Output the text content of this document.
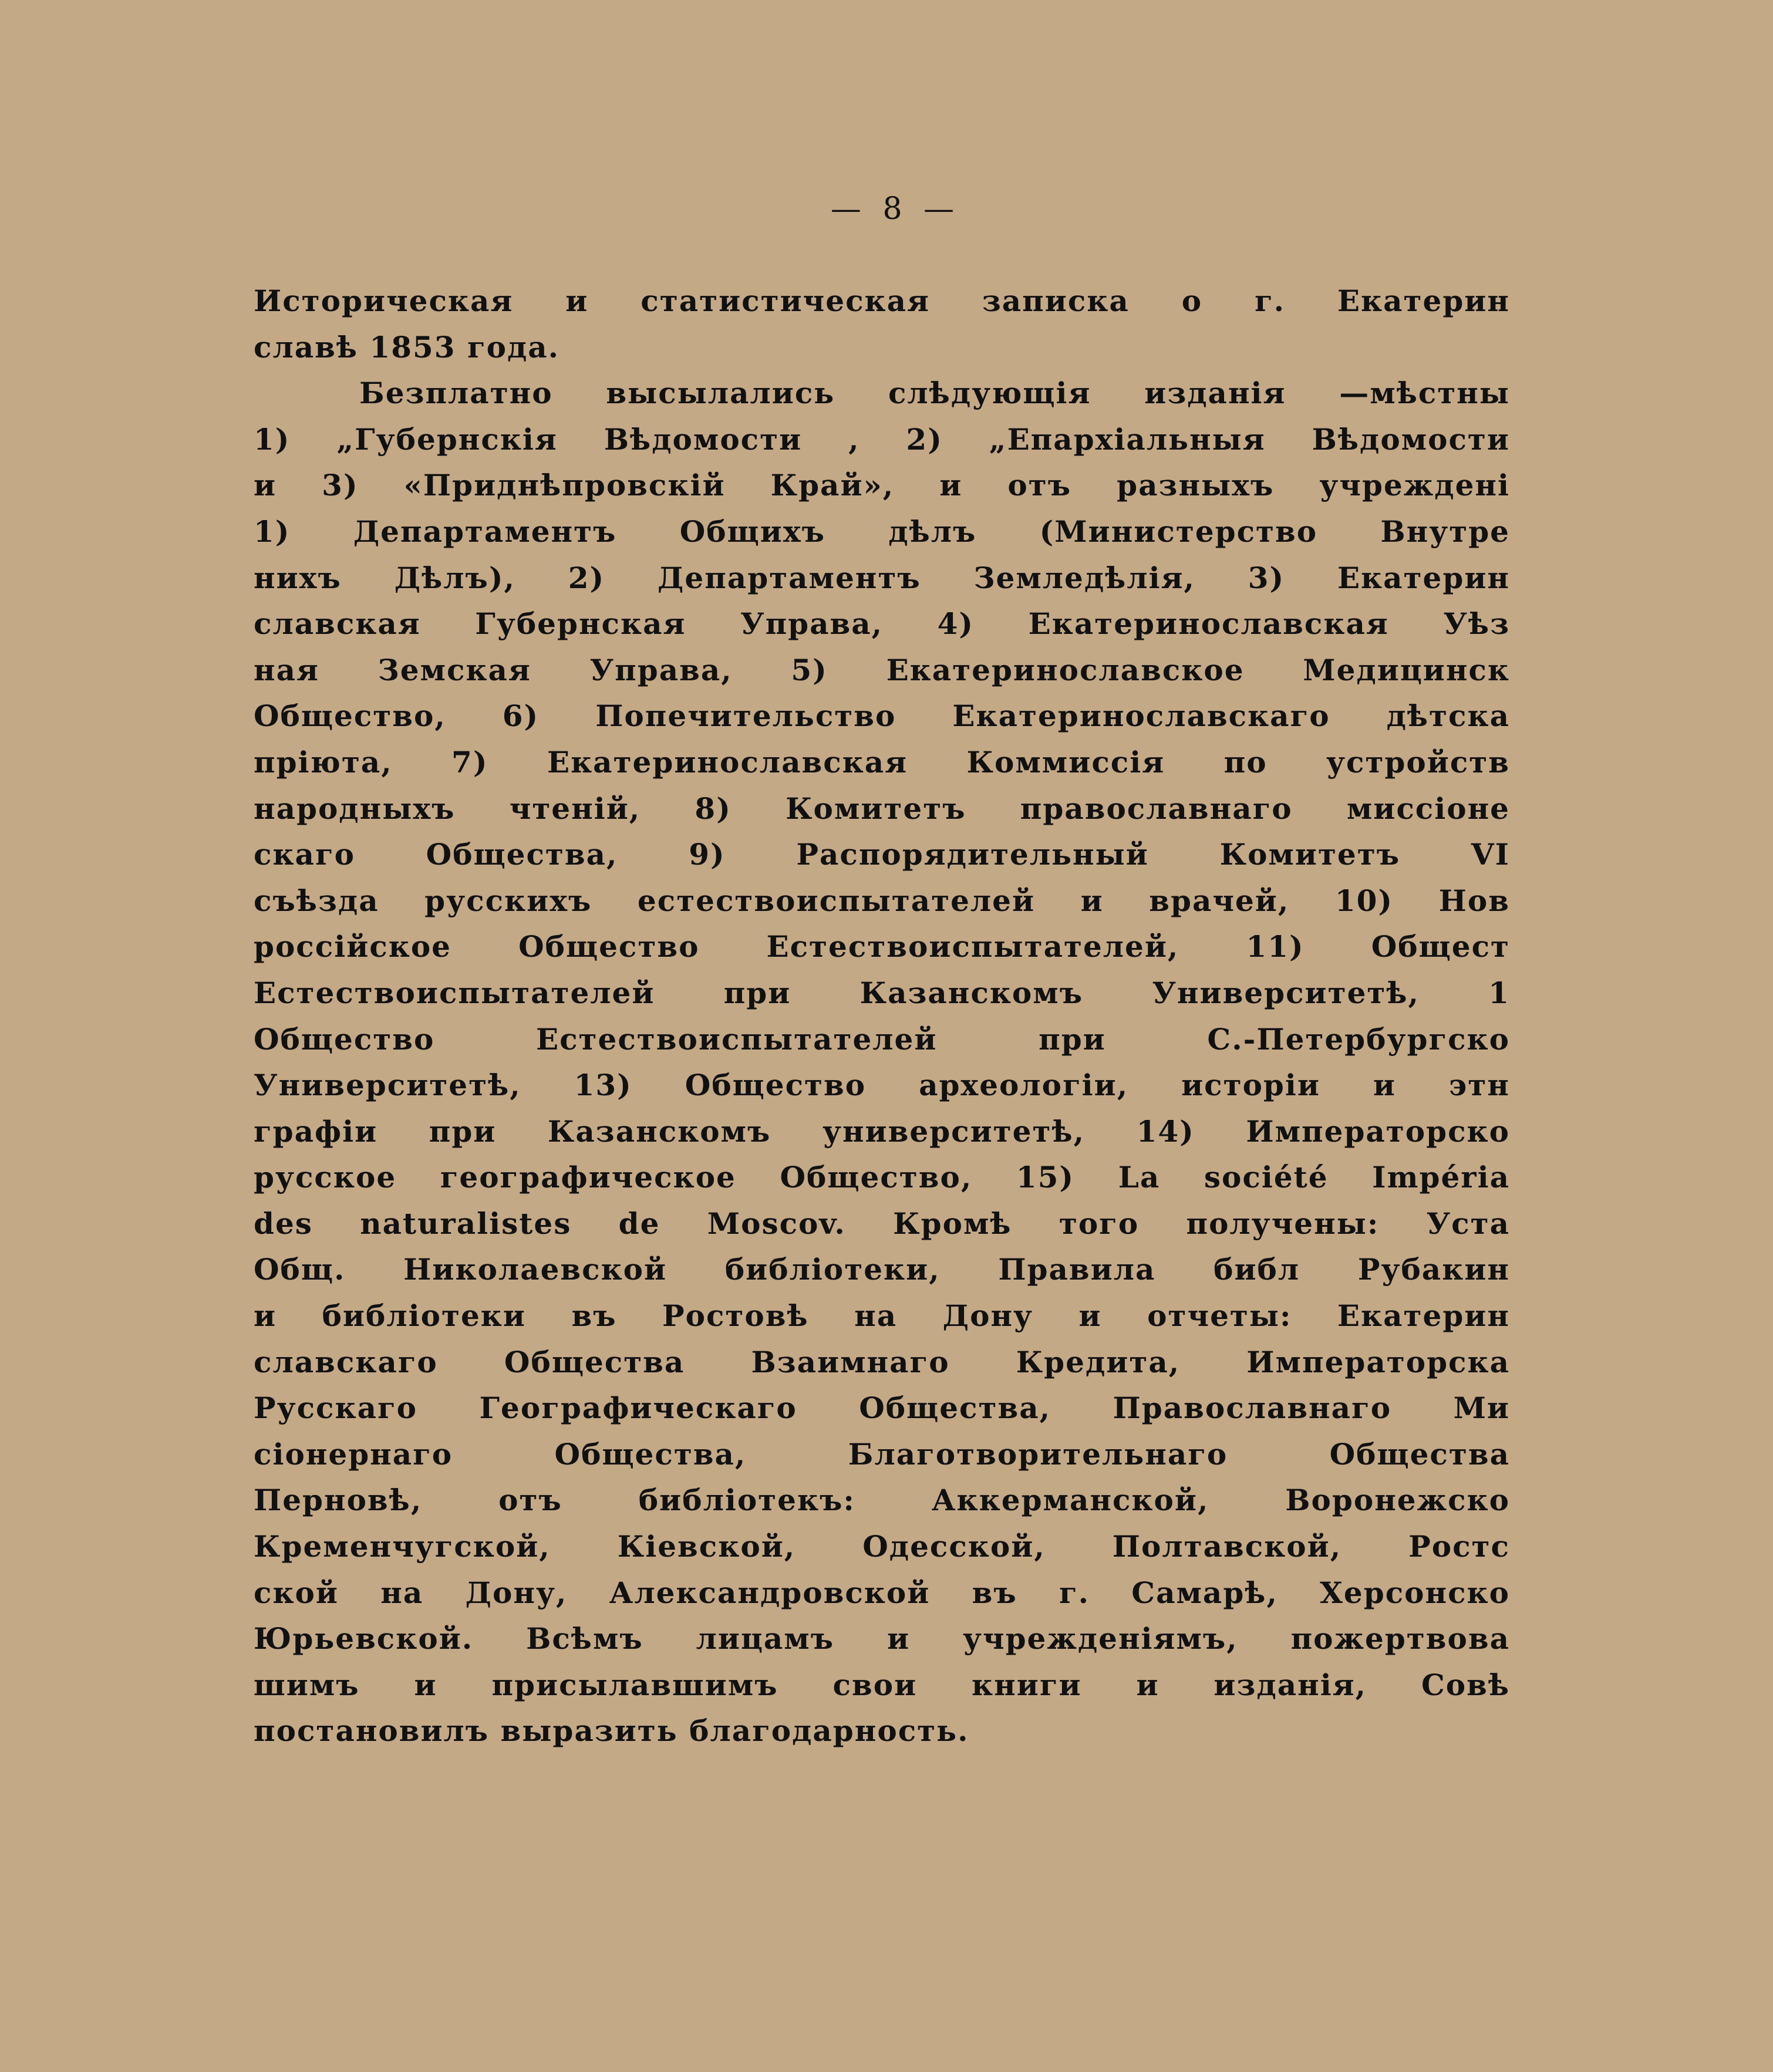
— 8 —
Историческая и статистическая записка о г. Екатерин
славѣ 1853 года.
Безплатно высылались слѣдующія изданія —мѣстны
1) „Губернскія Вѣдомости , 2) „Епархіальныя Вѣдомости
и 3) «Приднѣпровскій Край», и отъ разныхъ учреждені
1) Департаментъ Общихъ дѣлъ (Министерство Внутре
нихъ Дѣлъ), 2) Департаментъ Земледѣлія, 3) Екатерин
славская Губернская Управа, 4) Екатеринославская Уѣз
ная Земская Управа, 5) Екатеринославское Медицинск
Общество, 6) Попечительство Екатеринославскаго дѣтска
пріюта, 7) Екатеринославская Коммиссія по устройств
народныхъ чтеній, 8) Комитетъ православнаго миссіоне
скаго Общества, 9) Распорядительный Комитетъ VI
съѣзда русскихъ естествоиспытателей и врачей, 10) Нов
россійское Общество Естествоиспытателей, 11) Общест
Естествоиспытателей при Казанскомъ Университетѣ, 1
Общество Естествоиспытателей при С.-Петербургско
Университетѣ, 13) Общество археологіи, исторіи и этн
графіи при Казанскомъ университетѣ, 14) Императорско
русское географическое Общество, 15) La société Impéria
des naturalistes de Moscov. Кромѣ того получены: Уста
Общ. Николаевской библіотеки, Правила библ Рубакин
и библіотеки въ Ростовѣ на Дону и отчеты: Екатерин
славскаго Общества Взаимнаго Кредита, Императорска
Русскаго Географическаго Общества, Православнаго Ми
сіонернаго Общества, Благотворительнаго Общества
Перновѣ, отъ библіотекъ: Аккерманской, Воронежско
Кременчугской, Кіевской, Одесской, Полтавской, Ростс
ской на Дону, Александровской въ г. Самарѣ, Херсонско
Юрьевской. Всѣмъ лицамъ и учрежденіямъ, пожертвова
шимъ и присылавшимъ свои книги и изданія, Совѣ
постановилъ выразить благодарность.
